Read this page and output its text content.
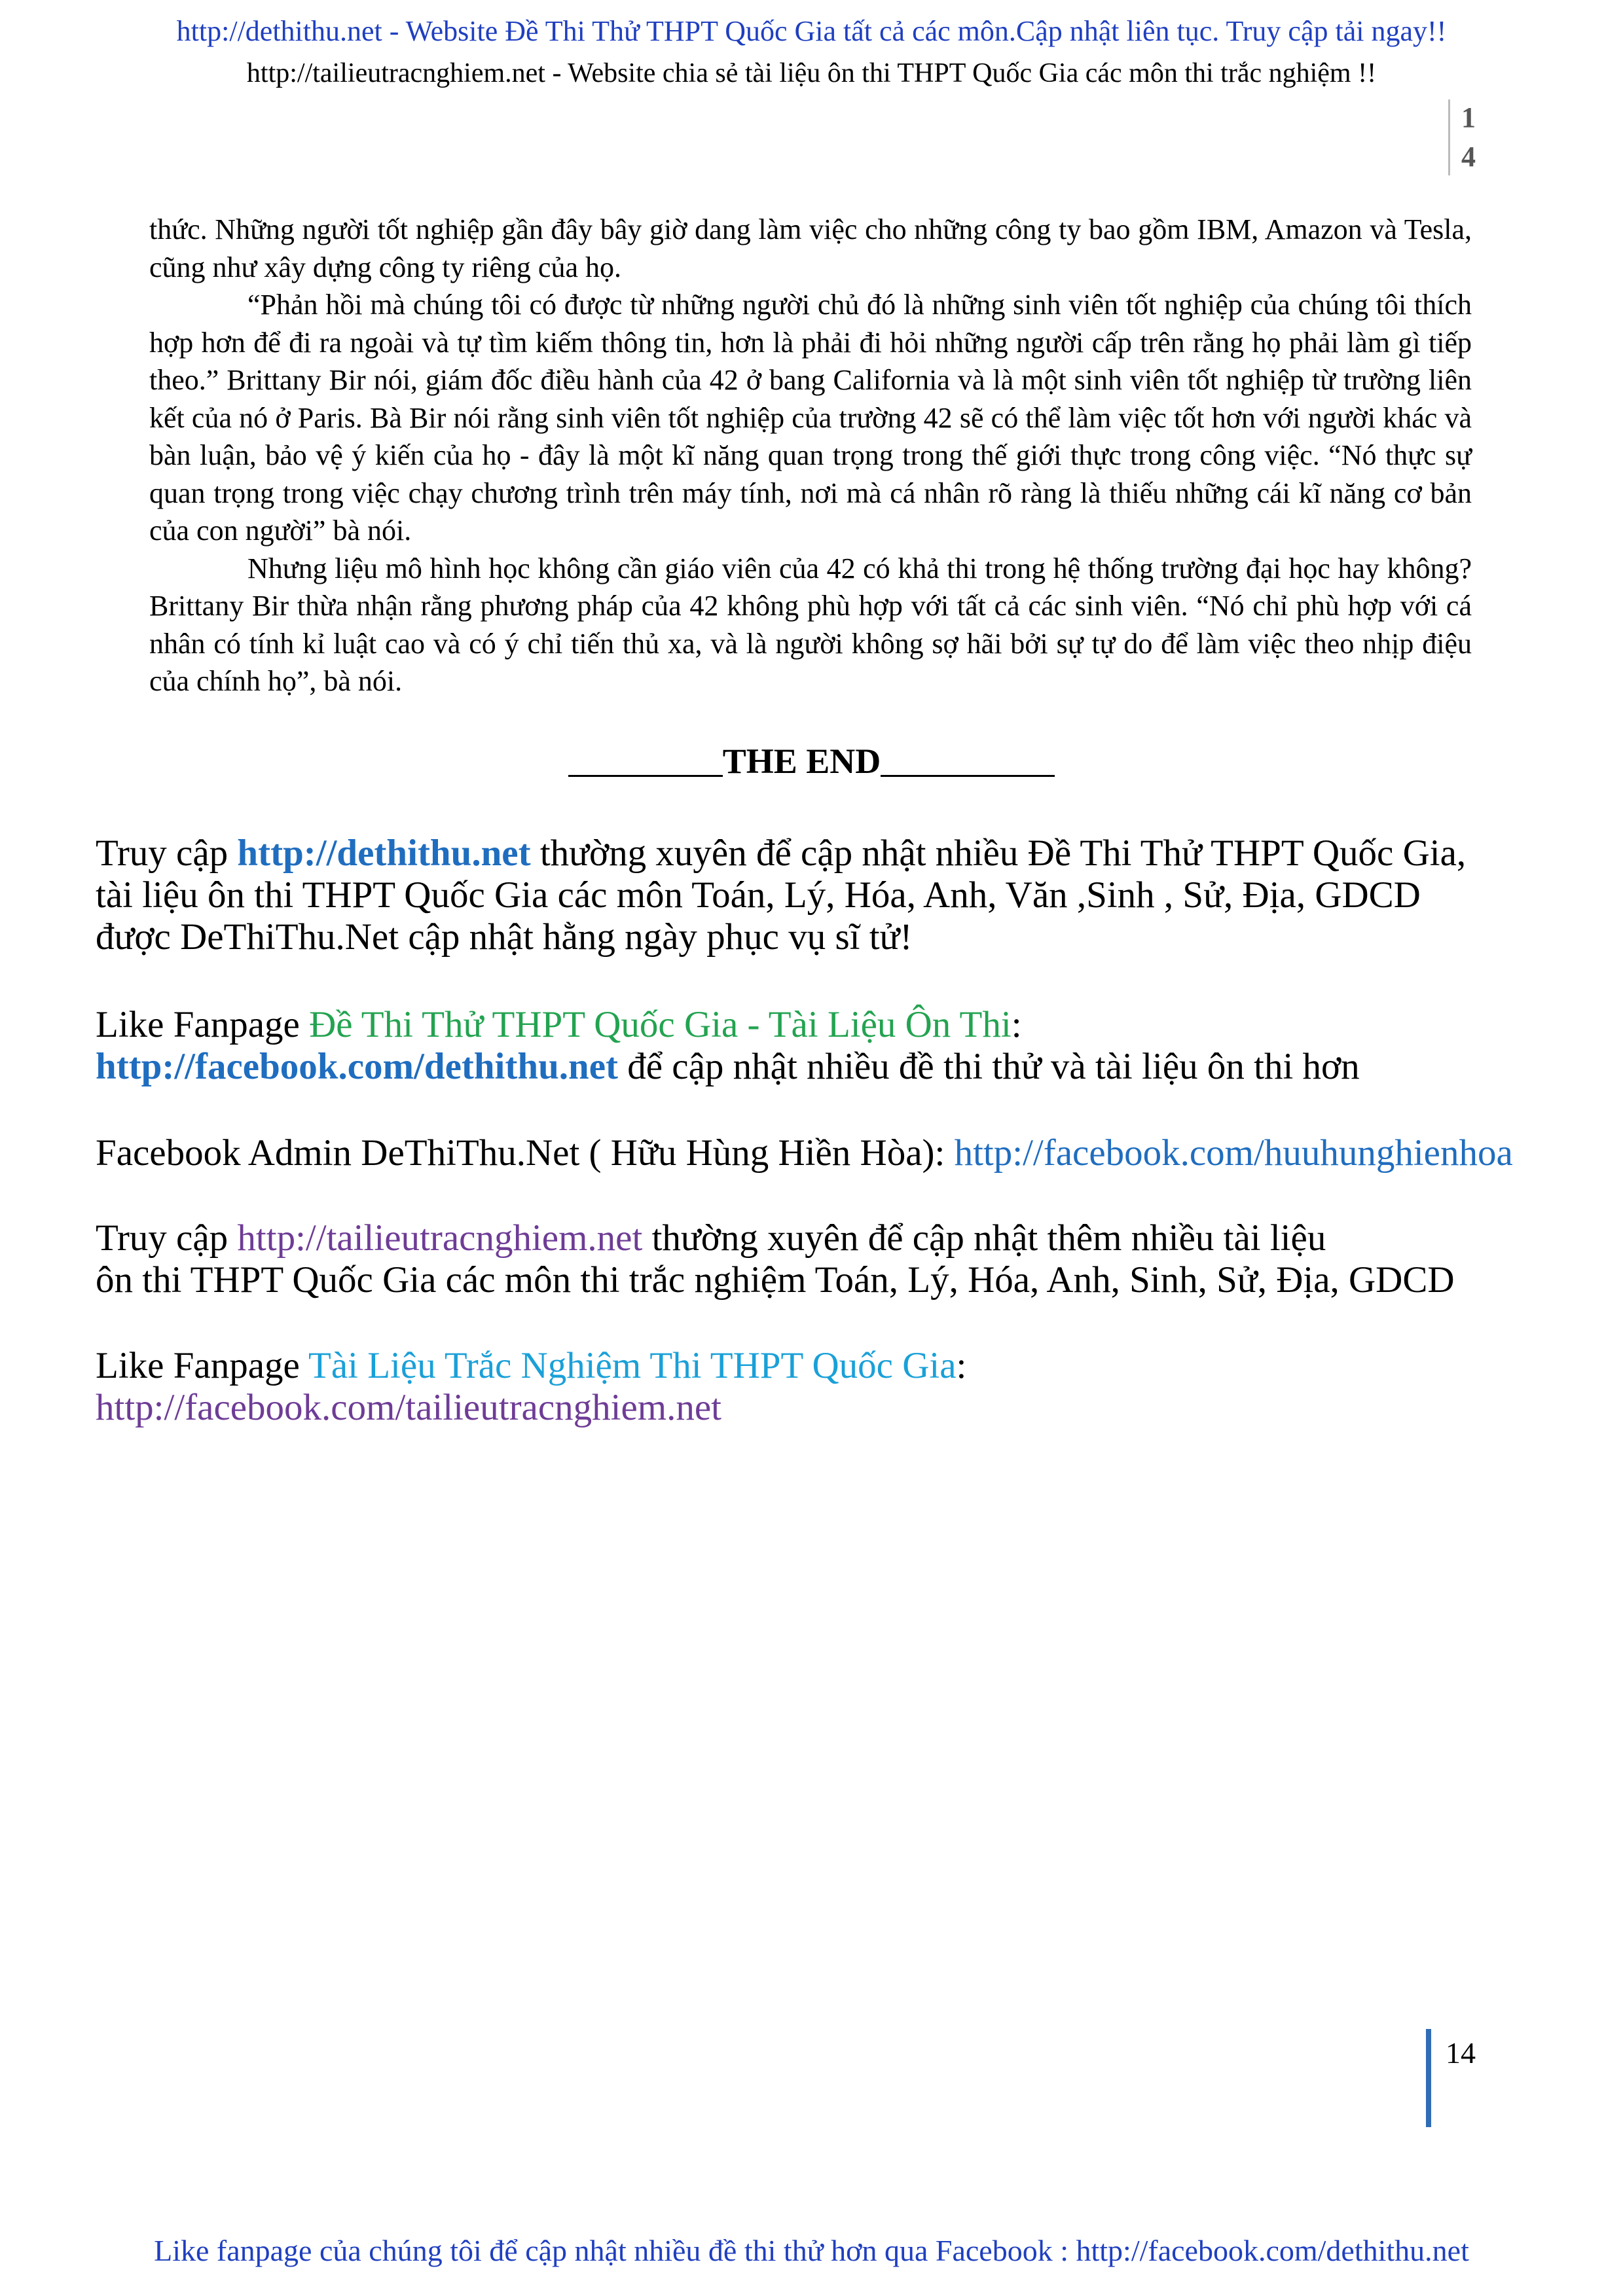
http://dethithu.net - Website Đề Thi Thử THPT Quốc Gia tất cả các môn.Cập nhật liên tục. Truy cập tải ngay!!
http://tailieutracnghiem.net - Website chia sẻ tài liệu ôn thi THPT Quốc Gia các môn thi trắc nghiệm !!
1
4

thức. Những người tốt nghiệp gần đây bây giờ dang làm việc cho những công ty bao gồm IBM, Amazon và Tesla, cũng như xây dựng công ty riêng của họ.

“Phản hồi mà chúng tôi có được từ những người chủ đó là những sinh viên tốt nghiệp của chúng tôi thích hợp hơn để đi ra ngoài và tự tìm kiếm thông tin, hơn là phải đi hỏi những người cấp trên rằng họ phải làm gì tiếp theo.” Brittany Bir nói, giám đốc điều hành của 42 ở bang California và là một sinh viên tốt nghiệp từ trường liên kết của nó ở Paris. Bà Bir nói rằng sinh viên tốt nghiệp của trường 42 sẽ có thể làm việc tốt hơn với người khác và bàn luận, bảo vệ ý kiến của họ - đây là một kĩ năng quan trọng trong thế giới thực trong công việc. “Nó thực sự quan trọng trong việc chạy chương trình trên máy tính, nơi mà cá nhân rõ ràng là thiếu những cái kĩ năng cơ bản của con người” bà nói.

Nhưng liệu mô hình học không cần giáo viên của 42 có khả thi trong hệ thống trường đại học hay không? Brittany Bir thừa nhận rằng phương pháp của 42 không phù hợp với tất cả các sinh viên. “Nó chỉ phù hợp với cá nhân có tính kỉ luật cao và có ý chỉ tiến thủ xa, và là người không sợ hãi bởi sự tự do để làm việc theo nhịp điệu của chính họ”, bà nói.

THE END

Truy cập http://dethithu.net thường xuyên để cập nhật nhiều Đề Thi Thử THPT Quốc Gia,

tài liệu ôn thi THPT Quốc Gia các môn Toán, Lý, Hóa, Anh, Văn ,Sinh , Sử, Địa, GDCD

được DeThiThu.Net cập nhật hằng ngày phục vụ sĩ tử!

Like Fanpage Đề Thi Thử THPT Quốc Gia - Tài Liệu Ôn Thi:

http://facebook.com/dethithu.net để cập nhật nhiều đề thi thử và tài liệu ôn thi hơn

Facebook Admin DeThiThu.Net ( Hữu Hùng Hiền Hòa): http://facebook.com/huuhunghienhoa

Truy cập http://tailieutracnghiem.net thường xuyên để cập nhật thêm nhiều tài liệu

ôn thi THPT Quốc Gia các môn thi trắc nghiệm Toán, Lý, Hóa, Anh, Sinh, Sử, Địa, GDCD

Like Fanpage Tài Liệu Trắc Nghiệm Thi THPT Quốc Gia:

http://facebook.com/tailieutracnghiem.net

14
Like fanpage của chúng tôi để cập nhật nhiều đề thi thử hơn qua Facebook : http://facebook.com/dethithu.net
